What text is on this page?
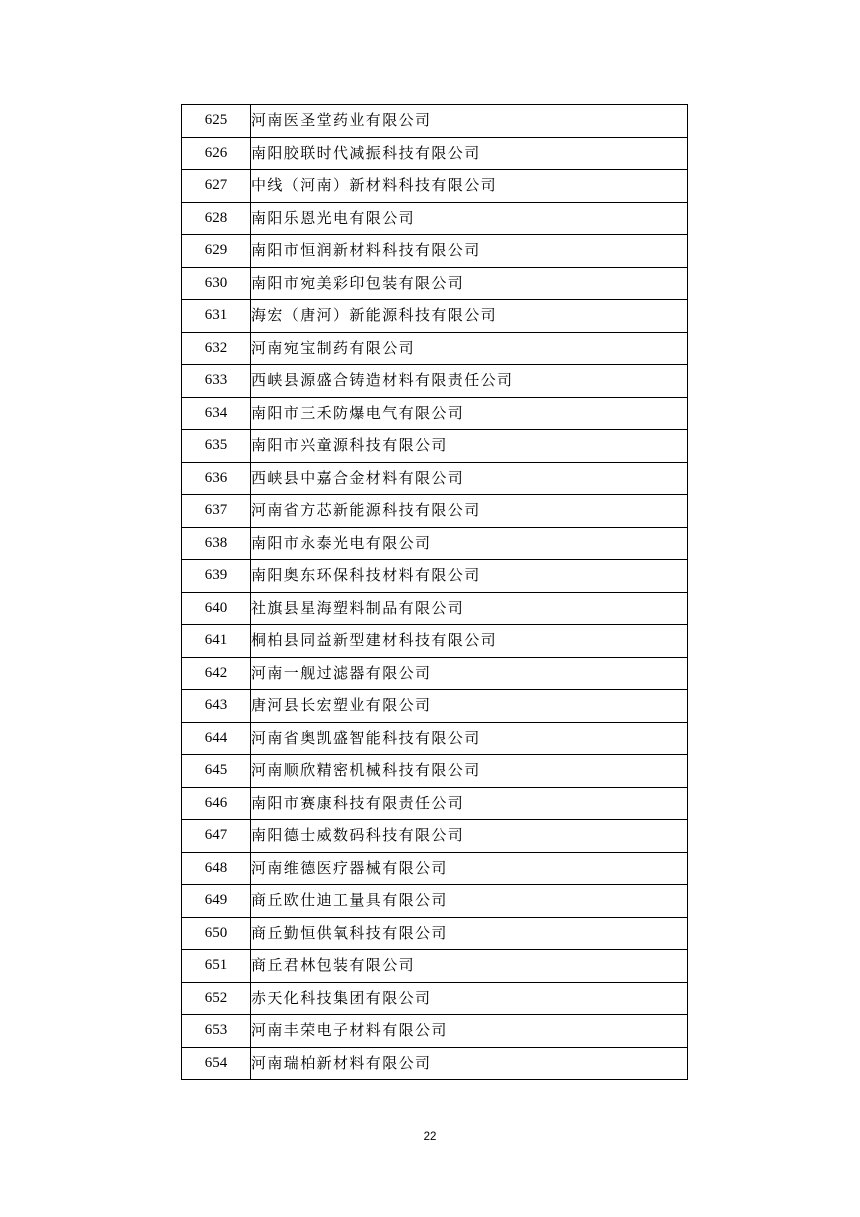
625	河南医圣堂药业有限公司
626	南阳胶联时代减振科技有限公司
627	中线（河南）新材料科技有限公司
628	南阳乐恩光电有限公司
629	南阳市恒润新材料科技有限公司
630	南阳市宛美彩印包装有限公司
631	海宏（唐河）新能源科技有限公司
632	河南宛宝制药有限公司
633	西峡县源盛合铸造材料有限责任公司
634	南阳市三禾防爆电气有限公司
635	南阳市兴童源科技有限公司
636	西峡县中嘉合金材料有限公司
637	河南省方芯新能源科技有限公司
638	南阳市永泰光电有限公司
639	南阳奥东环保科技材料有限公司
640	社旗县星海塑料制品有限公司
641	桐柏县同益新型建材科技有限公司
642	河南一舰过滤器有限公司
643	唐河县长宏塑业有限公司
644	河南省奥凯盛智能科技有限公司
645	河南顺欣精密机械科技有限公司
646	南阳市赛康科技有限责任公司
647	南阳德士威数码科技有限公司
648	河南维德医疗器械有限公司
649	商丘欧仕迪工量具有限公司
650	商丘勤恒供氧科技有限公司
651	商丘君林包装有限公司
652	赤天化科技集团有限公司
653	河南丰荣电子材料有限公司
654	河南瑞柏新材料有限公司
22
